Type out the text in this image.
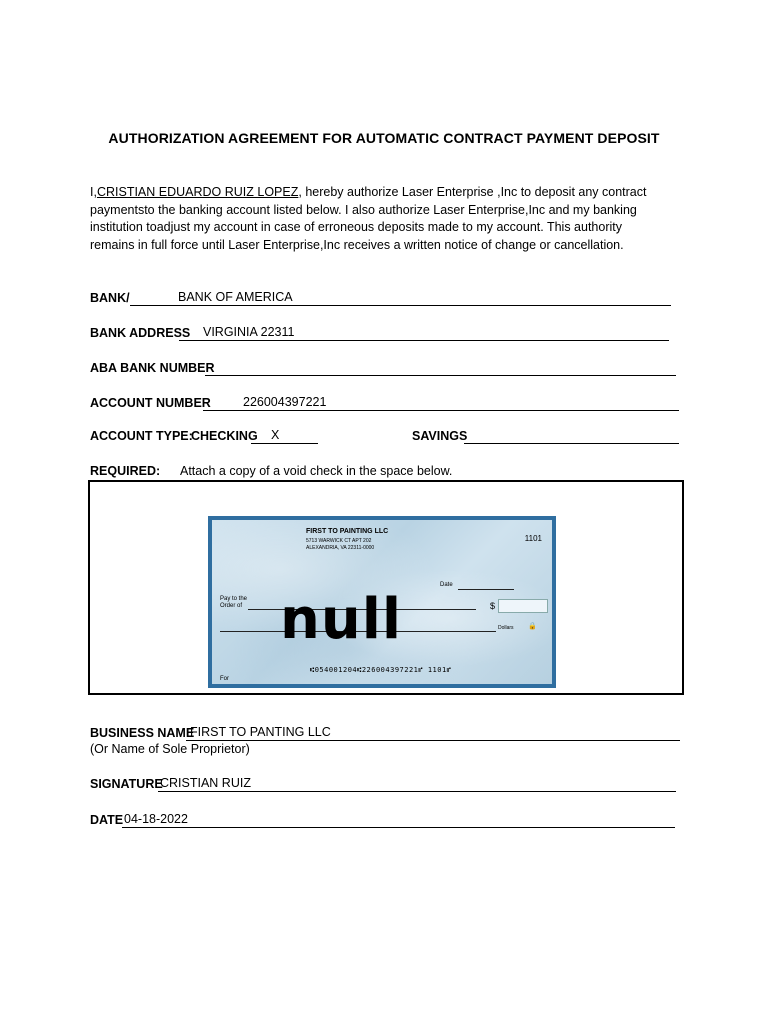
AUTHORIZATION AGREEMENT FOR AUTOMATIC CONTRACT PAYMENT DEPOSIT
I,CRISTIAN EDUARDO RUIZ LOPEZ, hereby authorize Laser Enterprise ,Inc to deposit any contract
paymentsto the banking account listed below. I also authorize Laser Enterprise,Inc and my banking
institution toadjust my account in case of erroneous deposits made to my account. This authority
remains in full force until Laser Enterprise,Inc receives a written notice of change or cancellation.
BANK/	BANK OF AMERICA
BANK ADDRESS VIRGINIA 22311
ABA BANK NUMBER
ACCOUNT NUMBER	226004397221
ACCOUNT TYPE:
CHECKING X	SAVINGS
REQUIRED: Attach a copy of a void check in the space below.
FIRST TO PAINTING LLC
5713 WARWICK CT APT 202
ALEXANDRIA, VA 22311-0000
1101
Date
Pay to the
Order of	$
Dollars 🔒
null
⑆054001204⑆226004397221⑈ 1101⑈
For
BUSINESS NAME
FIRST TO PANTING LLC
(Or Name of Sole Proprietor)
SIGNATURE
CRISTIAN RUIZ
DATE 04-18-2022
